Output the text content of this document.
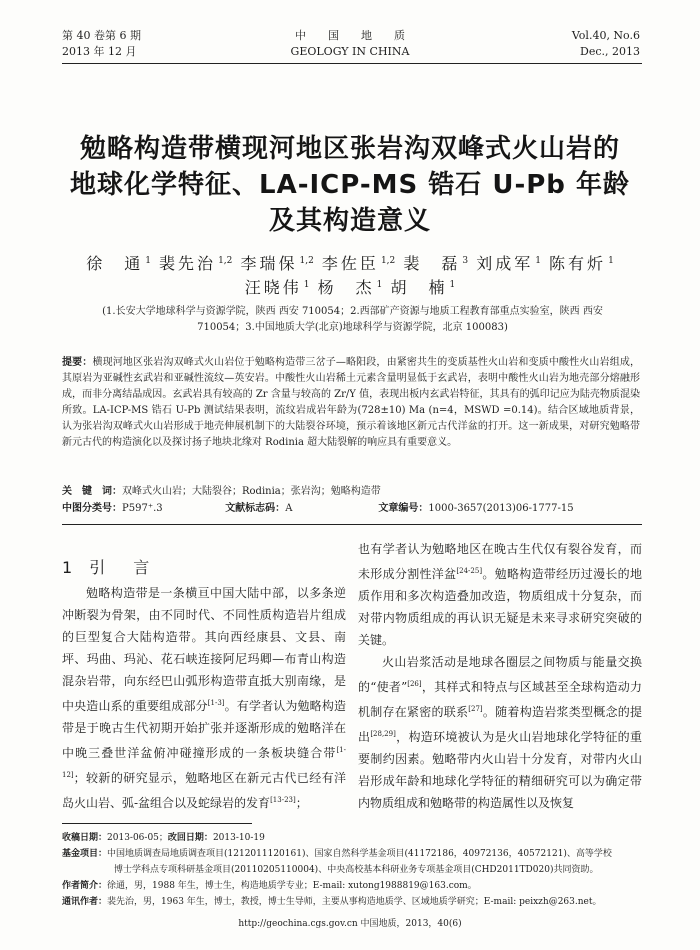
第 40 卷第 6 期
2013 年 12 月
中　　国　　地　　质
GEOLOGY IN CHINA
Vol.40, No.6
Dec., 2013
勉略构造带横现河地区张岩沟双峰式火山岩的
地球化学特征、LA-ICP-MS 锆石 U-Pb 年龄
及其构造意义
徐　通 $^1$ 裴先治 $^{1,2}$ 李瑞保 $^{1,2}$ 李佐臣 $^{1,2}$ 裴　磊 $^3$ 刘成军 $^1$ 陈有炘 $^1$
汪晓伟 $^1$ 杨　杰 $^1$ 胡　楠 $^1$
(1.长安大学地球科学与资源学院，陕西 西安 710054；2.西部矿产资源与地质工程教育部重点实验室，陕西 西安
710054；3.中国地质大学(北京)地球科学与资源学院，北京 100083)
提要：横现河地区张岩沟双峰式火山岩位于勉略构造带三岔子—略阳段，由紧密共生的变质基性火山岩和变质中酸性火山岩组成，其原岩为亚碱性玄武岩和亚碱性流纹—英安岩。中酸性火山岩稀土元素含量明显低于玄武岩，表明中酸性火山岩为地壳部分熔融形成，而非分离结晶成因。玄武岩具有较高的 Zr 含量与较高的 Zr/Y 值，表现出板内玄武岩特征，其具有的弧印记应为陆壳物质混染所致。LA-ICP-MS 锆石 U-Pb 测试结果表明，流纹岩成岩年龄为(728±10) Ma (n=4，MSWD =0.14)。结合区域地质背景，认为张岩沟双峰式火山岩形成于地壳伸展机制下的大陆裂谷环境，预示着该地区新元古代洋盆的打开。这一新成果，对研究勉略带新元古代的构造演化以及探讨扬子地块北缘对 Rodinia 超大陆裂解的响应具有重要意义。
关　键　词：双峰式火山岩；大陆裂谷；Rodinia；张岩沟；勉略构造带
中图分类号：P597⁺.3	文献标志码：A	文章编号：1000-3657(2013)06-1777-15
1 引　言

勉略构造带是一条横亘中国大陆中部，以多条逆冲断裂为骨架，由不同时代、不同性质构造岩片组成的巨型复合大陆构造带。其向西经康县、文县、南坪、玛曲、玛沁、花石峡连接阿尼玛卿—布青山构造混杂岩带，向东经巴山弧形构造带直抵大别南缘，是中央造山系的重要组成部分[1-3]。有学者认为勉略构造带是于晚古生代初期开始扩张并逐渐形成的勉略洋在中晚三叠世洋盆俯冲碰撞形成的一条板块缝合带[1-12]；较新的研究显示，勉略地区在新元古代已经有洋岛火山岩、弧-盆组合以及蛇绿岩的发育[13-23]；

也有学者认为勉略地区在晚古生代仅有裂谷发育，而未形成分割性洋盆[24-25]。勉略构造带经历过漫长的地质作用和多次构造叠加改造，物质组成十分复杂，而对带内物质组成的再认识无疑是未来寻求研究突破的关键。

火山岩浆活动是地球各圈层之间物质与能量交换的“使者”[26]，其样式和特点与区域甚至全球构造动力机制存在紧密的联系[27]。随着构造岩浆类型概念的提出[28,29]，构造环境被认为是火山岩地球化学特征的重要制约因素。勉略带内火山岩十分发育，对带内火山岩形成年龄和地球化学特征的精细研究可以为确定带内物质组成和勉略带的构造属性以及恢复

收稿日期：2013-06-05；改回日期：2013-10-19
基金项目：中国地质调查局地质调查项目(1212011120161)、国家自然科学基金项目(41172186，40972136，40572121)、高等学校
博士学科点专项科研基金项目(20110205110004)、中央高校基本科研业务专项基金项目(CHD2011TD020)共同资助。
作者简介：徐通，男，1988 年生，博士生，构造地质学专业；E-mail: xutong1988819@163.com。
通讯作者：裴先治，男，1963 年生，博士，教授，博士生导师，主要从事构造地质学、区域地质学研究；E-mail: peixzh@263.net。
http://geochina.cgs.gov.cn 中国地质，2013，40(6)
